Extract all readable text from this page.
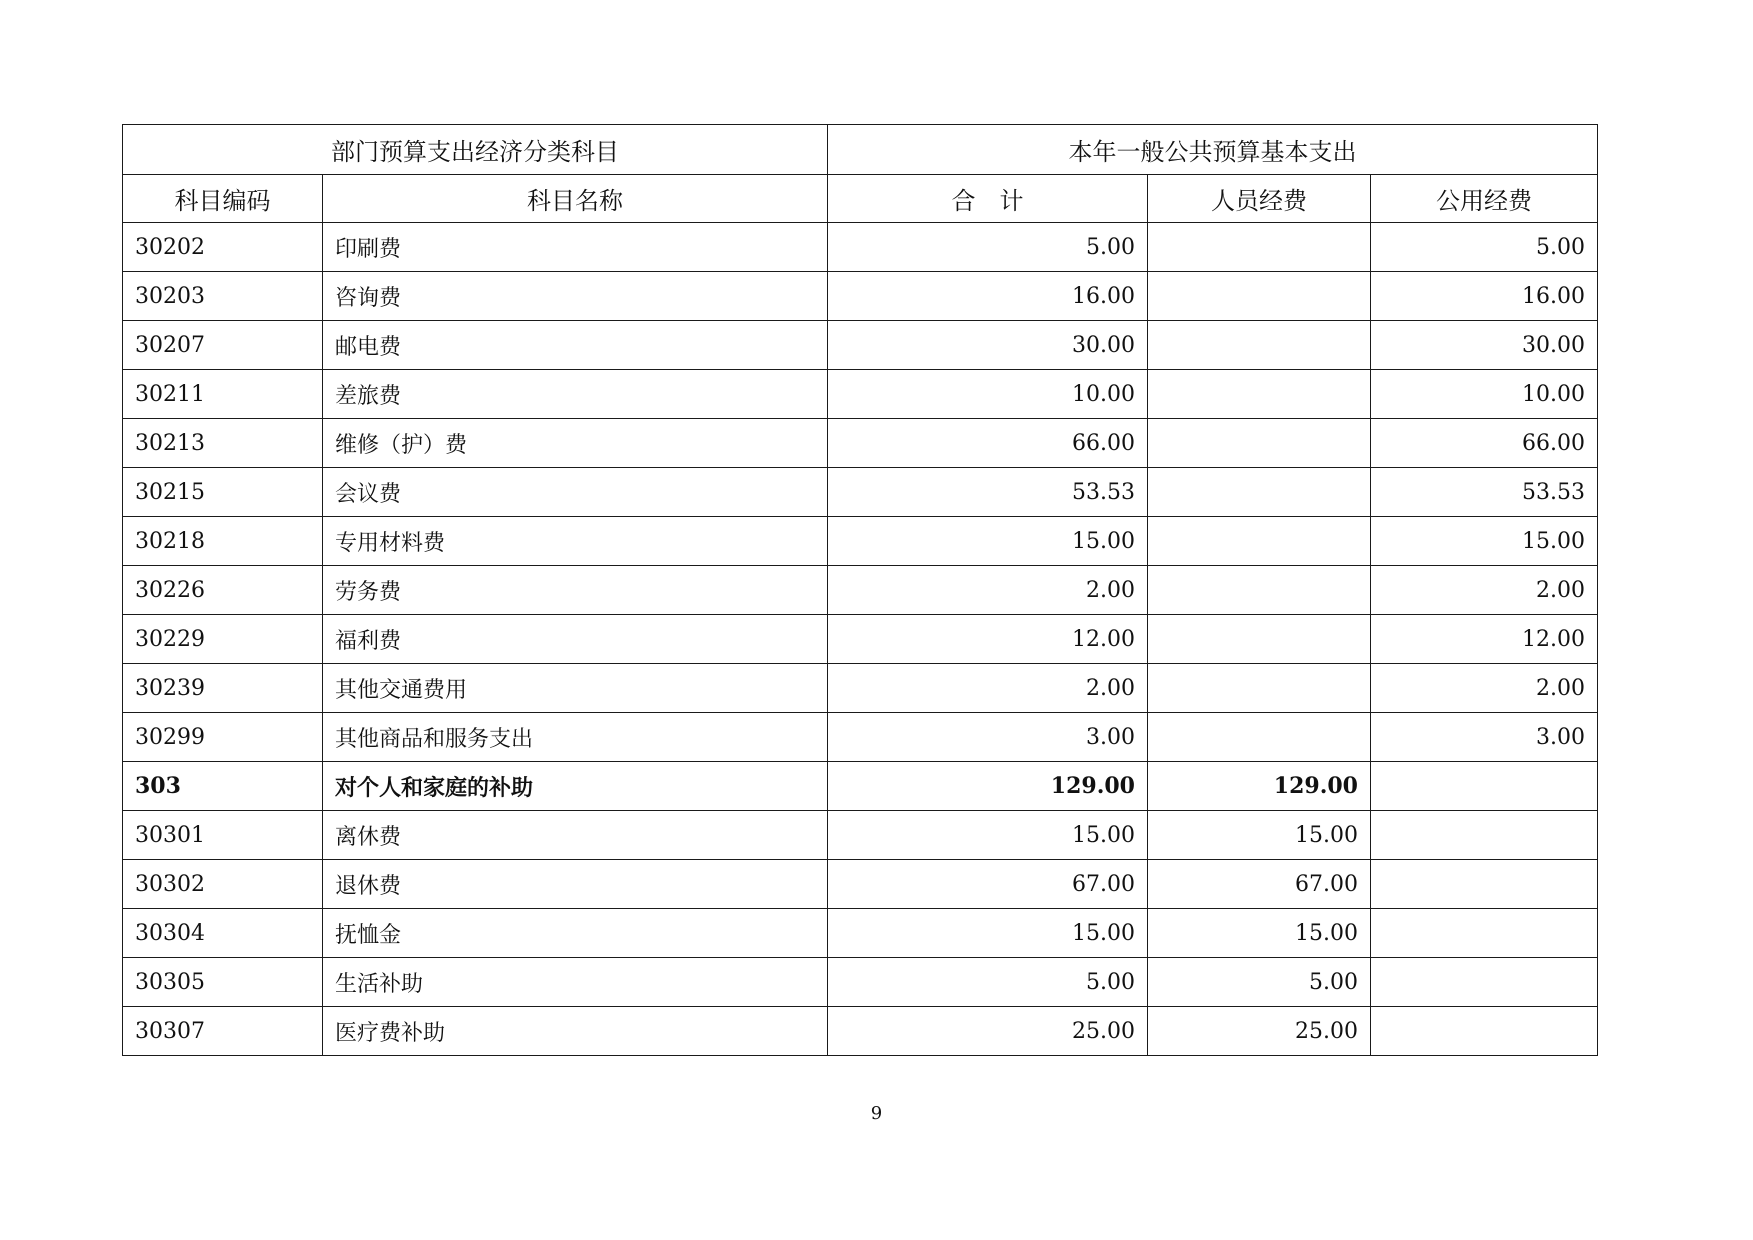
部门预算支出经济分类科目		本年一般公共预算基本支出		
科目编码	科目名称	合　计	人员经费	公用经费
30202	印刷费	5.00		5.00
30203	咨询费	16.00		16.00
30207	邮电费	30.00		30.00
30211	差旅费	10.00		10.00
30213	维修（护）费	66.00		66.00
30215	会议费	53.53		53.53
30218	专用材料费	15.00		15.00
30226	劳务费	2.00		2.00
30229	福利费	12.00		12.00
30239	其他交通费用	2.00		2.00
30299	其他商品和服务支出	3.00		3.00
303	对个人和家庭的补助	129.00	129.00	
30301	离休费	15.00	15.00	
30302	退休费	67.00	67.00	
30304	抚恤金	15.00	15.00	
30305	生活补助	5.00	5.00	
30307	医疗费补助	25.00	25.00	
9
